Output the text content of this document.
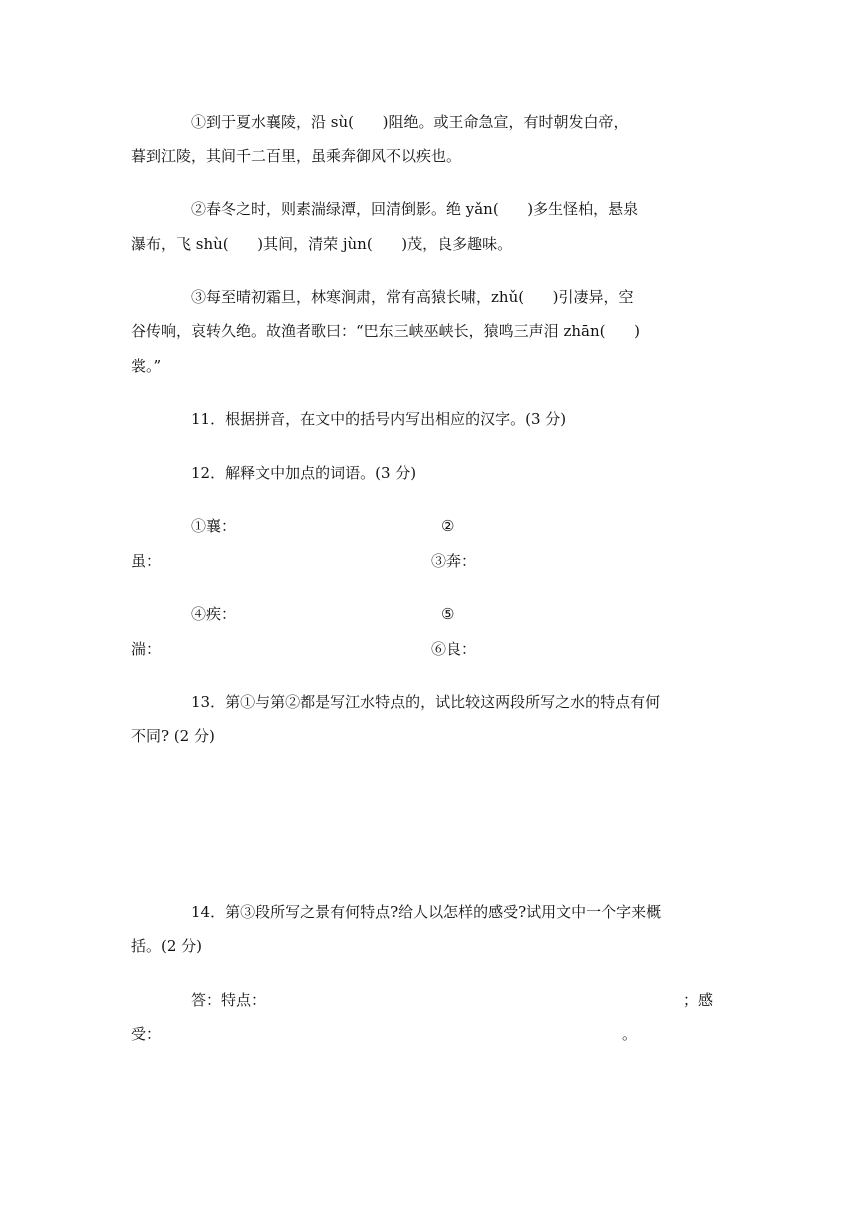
①到于夏水襄陵，沿 sù(      )阻绝。或王命急宣，有时朝发白帝，
暮到江陵，其间千二百里，虽乘奔御风不以疾也。
②春冬之时，则素湍绿潭，回清倒影。绝 yǎn(      )多生怪柏，悬泉
瀑布，飞 shù(      )其间，清荣 jùn(      )茂，良多趣味。
③每至晴初霜旦，林寒涧肃，常有高猿长啸，zhǔ(      )引凄异，空
谷传响，哀转久绝。故渔者歌曰：“巴东三峡巫峡长，猿鸣三声泪 zhān(      )
裳。”
11．根据拼音，在文中的括号内写出相应的汉字。(3 分)
12．解释文中加点的词语。(3 分)
①襄：	②
虽：	③奔：
④疾：	⑤
湍：	⑥良：
13．第①与第②都是写江水特点的，试比较这两段所写之水的特点有何
不同? (2 分)
14．第③段所写之景有何特点?给人以怎样的感受?试用文中一个字来概
括。(2 分)
答：特点：	；感
受：	。
